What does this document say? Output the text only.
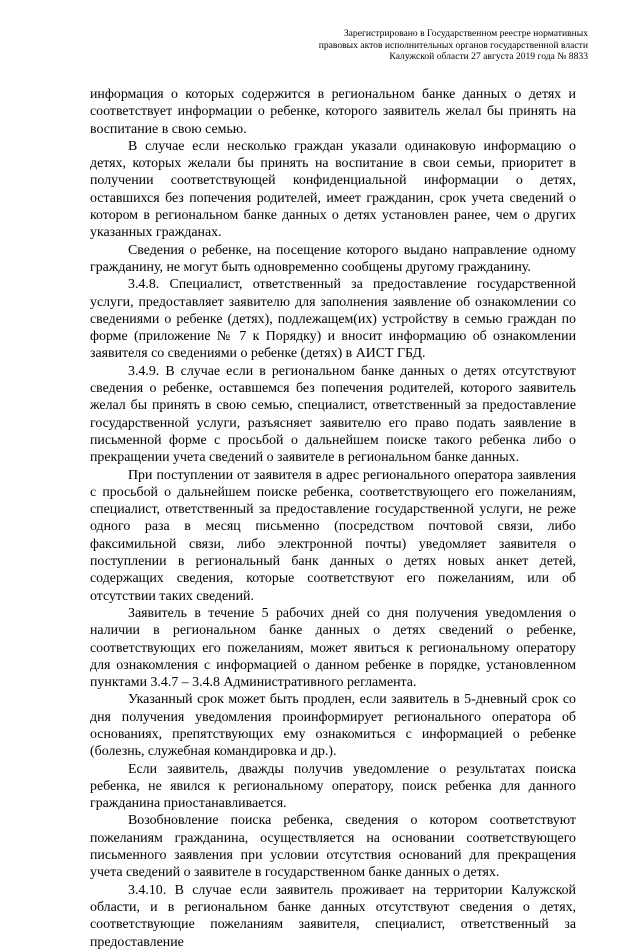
Зарегистрировано в Государственном реестре нормативных
правовых актов исполнительных органов государственной власти
Калужской области 27 августа 2019 года № 8833

информация о которых содержится в региональном банке данных о детях и соответствует информации о ребенке, которого заявитель желал бы принять на воспитание в свою семью.

В случае если несколько граждан указали одинаковую информацию о детях, которых желали бы принять на воспитание в свои семьи, приоритет в получении соответствующей конфиденциальной информации о детях, оставшихся без попечения родителей, имеет гражданин, срок учета сведений о котором в региональном банке данных о детях установлен ранее, чем о других указанных гражданах.

Сведения о ребенке, на посещение которого выдано направление одному гражданину, не могут быть одновременно сообщены другому гражданину.

3.4.8. Специалист, ответственный за предоставление государственной услуги, предоставляет заявителю для заполнения заявление об ознакомлении со сведениями о ребенке (детях), подлежащем(их) устройству в семью граждан по форме (приложение № 7 к Порядку) и вносит информацию об ознакомлении заявителя со сведениями о ребенке (детях) в АИСТ ГБД.

3.4.9. В случае если в региональном банке данных о детях отсутствуют сведения о ребенке, оставшемся без попечения родителей, которого заявитель желал бы принять в свою семью, специалист, ответственный за предоставление государственной услуги, разъясняет заявителю его право подать заявление в письменной форме с просьбой о дальнейшем поиске такого ребенка либо о прекращении учета сведений о заявителе в региональном банке данных.

При поступлении от заявителя в адрес регионального оператора заявления с просьбой о дальнейшем поиске ребенка, соответствующего его пожеланиям, специалист, ответственный за предоставление государственной услуги, не реже одного раза в месяц письменно (посредством почтовой связи, либо факсимильной связи, либо электронной почты) уведомляет заявителя о поступлении в региональный банк данных о детях новых анкет детей, содержащих сведения, которые соответствуют его пожеланиям, или об отсутствии таких сведений.

Заявитель в течение 5 рабочих дней со дня получения уведомления о наличии в региональном банке данных о детях сведений о ребенке, соответствующих его пожеланиям, может явиться к региональному оператору для ознакомления с информацией о данном ребенке в порядке, установленном пунктами 3.4.7 – 3.4.8 Административного регламента.

Указанный срок может быть продлен, если заявитель в 5-дневный срок со дня получения уведомления проинформирует регионального оператора об основаниях, препятствующих ему ознакомиться с информацией о ребенке (болезнь, служебная командировка и др.).

Если заявитель, дважды получив уведомление о результатах поиска ребенка, не явился к региональному оператору, поиск ребенка для данного гражданина приостанавливается.

Возобновление поиска ребенка, сведения о котором соответствуют пожеланиям гражданина, осуществляется на основании соответствующего письменного заявления при условии отсутствия оснований для прекращения учета сведений о заявителе в государственном банке данных о детях.

3.4.10. В случае если заявитель проживает на территории Калужской области, и в региональном банке данных отсутствуют сведения о детях, соответствующие пожеланиям заявителя, специалист, ответственный за предоставление
